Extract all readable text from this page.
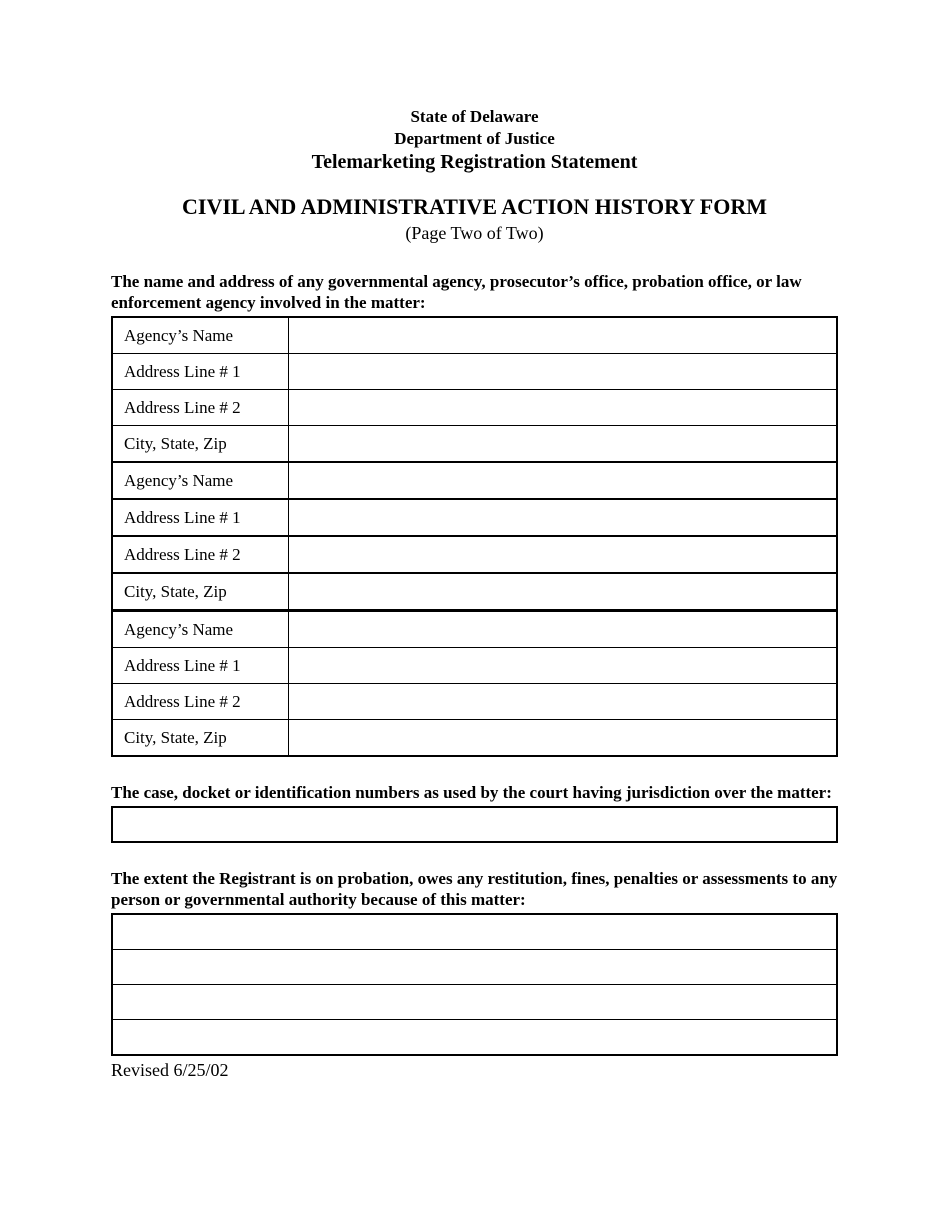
State of Delaware
Department of Justice
Telemarketing Registration Statement
CIVIL AND ADMINISTRATIVE ACTION HISTORY FORM
(Page Two of Two)
The name and address of any governmental agency, prosecutor’s office, probation office, or law enforcement agency involved in the matter:
Agency’s Name
Address Line # 1
Address Line # 2
City, State, Zip
Agency’s Name
Address Line # 1
Address Line # 2
City, State, Zip
Agency’s Name
Address Line # 1
Address Line # 2
City, State, Zip
The case, docket or identification numbers as used by the court having jurisdiction over the matter:
The extent the Registrant is on probation, owes any restitution, fines, penalties or assessments to any person or governmental authority because of this matter:
Revised 6/25/02
